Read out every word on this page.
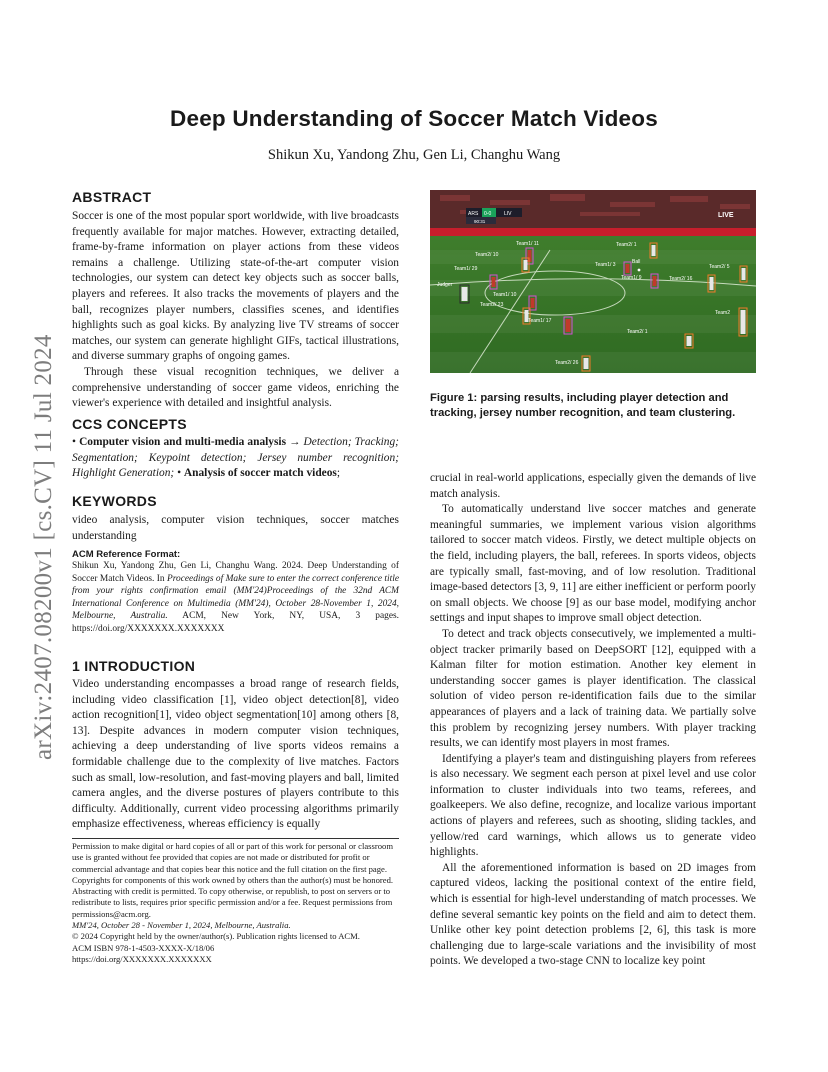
Deep Understanding of Soccer Match Videos
Shikun Xu, Yandong Zhu, Gen Li, Changhu Wang
arXiv:2407.08200v1 [cs.CV] 11 Jul 2024
ABSTRACT

Soccer is one of the most popular sport worldwide, with live broadcasts frequently available for major matches. However, extracting detailed, frame-by-frame information on player actions from these videos remains a challenge. Utilizing state-of-the-art computer vision technologies, our system can detect key objects such as soccer balls, players and referees. It also tracks the movements of players and the ball, recognizes player numbers, classifies scenes, and identifies highlights such as goal kicks. By analyzing live TV streams of soccer matches, our system can generate highlight GIFs, tactical illustrations, and diverse summary graphs of ongoing games.

Through these visual recognition techniques, we deliver a comprehensive understanding of soccer game videos, enriching the viewer's experience with detailed and insightful analysis.

CCS CONCEPTS
• Computer vision and multi-media analysis → Detection; Tracking; Segmentation; Keypoint detection; Jersey number recognition; Highlight Generation; • Analysis of soccer match videos;
KEYWORDS
video analysis, computer vision techniques, soccer matches understanding
ACM Reference Format:
Shikun Xu, Yandong Zhu, Gen Li, Changhu Wang. 2024. Deep Understanding of Soccer Match Videos. In Proceedings of Make sure to enter the correct conference title from your rights confirmation email (MM'24)Proceedings of the 32nd ACM International Conference on Multimedia (MM'24), October 28-November 1, 2024, Melbourne, Australia. ACM, New York, NY, USA, 3 pages. https://doi.org/XXXXXXX.XXXXXXX
1 INTRODUCTION
Video understanding encompasses a broad range of research fields, including video classification [1], video object detection[8], video action recognition[1], video object segmentation[10] among others [8, 13]. Despite advances in modern computer vision techniques, achieving a deep understanding of live sports videos remains a formidable challenge due to the complexity of live matches. Factors such as small, low-resolution, and fast-moving players and ball, limited camera angles, and the diverse postures of players contribute to this difficulty. Additionally, current video processing algorithms primarily emphasize effectiveness, whereas efficiency is equally
Permission to make digital or hard copies of all or part of this work for personal or classroom use is granted without fee provided that copies are not made or distributed for profit or commercial advantage and that copies bear this notice and the full citation on the first page. Copyrights for components of this work owned by others than the author(s) must be honored. Abstracting with credit is permitted. To copy otherwise, or republish, to post on servers or to redistribute to lists, requires prior specific permission and/or a fee. Request permissions from permissions@acm.org.
MM'24, October 28 - November 1, 2024, Melbourne, Australia.
© 2024 Copyright held by the owner/author(s). Publication rights licensed to ACM.
ACM ISBN 978-1-4503-XXXX-X/18/06
https://doi.org/XXXXXXX.XXXXXXX
ARS 0-0	LIV
90:31
LIVE
Ball
Team1/ 11
Team2/ 10
Team1/ 29
Judger
Team1/ 10
Team2/ 23
Team1/ 17
Team2/ 1
Team2/ 1
Team1/ 3
Team1/ 9	Team2/ 16
Team2/ 5
Team2
Team2/ 26
Figure 1: parsing results, including player detection and tracking, jersey number recognition, and team clustering.

crucial in real-world applications, especially given the demands of live match analysis.

To automatically understand live soccer matches and generate meaningful summaries, we implement various vision algorithms tailored to soccer match videos. Firstly, we detect multiple objects on the field, including players, the ball, referees. In sports videos, objects are typically small, fast-moving, and of low resolution. Traditional image-based detectors [3, 9, 11] are either inefficient or perform poorly on small objects. We choose [9] as our base model, modifying anchor settings and input shapes to improve small object detection.

To detect and track objects consecutively, we implemented a multi-object tracker primarily based on DeepSORT [12], equipped with a Kalman filter for motion estimation. Another key element in understanding soccer games is player identification. The classical solution of video person re-identification fails due to the similar appearances of players and a lack of training data. We partially solve this problem by recognizing jersey numbers. With player tracking results, we can identify most players in most frames.

Identifying a player's team and distinguishing players from referees is also necessary. We segment each person at pixel level and use color information to cluster individuals into two teams, referees, and goalkeepers. We also define, recognize, and localize various important actions of players and referees, such as shooting, sliding tackles, and yellow/red card warnings, which allows us to generate video highlights.

All the aforementioned information is based on 2D images from captured videos, lacking the positional context of the entire field, which is essential for high-level understanding of match processes. We define several semantic key points on the field and aim to detect them. Unlike other key point detection problems [2, 6], this task is more challenging due to large-scale variations and the invisibility of most points. We developed a two-stage CNN to localize key point
